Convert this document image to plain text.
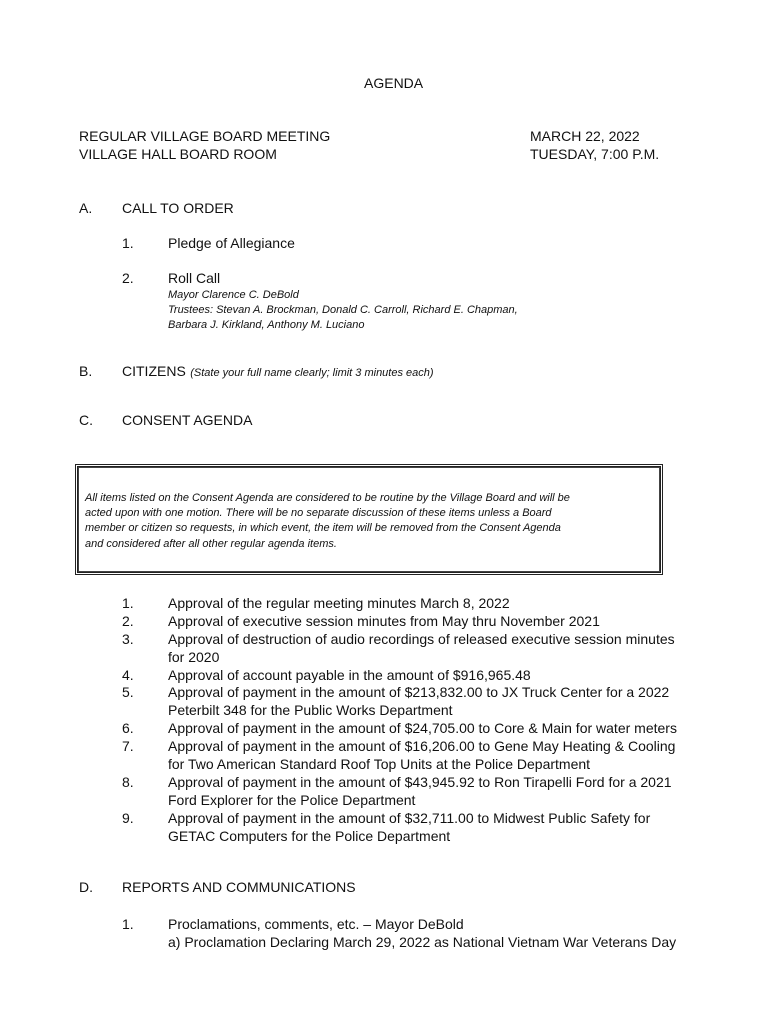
AGENDA
REGULAR VILLAGE BOARD MEETING
VILLAGE HALL BOARD ROOM
MARCH 22, 2022
TUESDAY, 7:00 P.M.
A. CALL TO ORDER
1. Pledge of Allegiance
2. Roll Call
Mayor Clarence C. DeBold
Trustees: Stevan A. Brockman, Donald C. Carroll, Richard E. Chapman,
Barbara J. Kirkland, Anthony M. Luciano
B. CITIZENS (State your full name clearly; limit 3 minutes each)
C. CONSENT AGENDA
All items listed on the Consent Agenda are considered to be routine by the Village Board and will be
acted upon with one motion. There will be no separate discussion of these items unless a Board
member or citizen so requests, in which event, the item will be removed from the Consent Agenda
and considered after all other regular agenda items.
1. Approval of the regular meeting minutes March 8, 2022
2. Approval of executive session minutes from May thru November 2021
3. Approval of destruction of audio recordings of released executive session minutes
for 2020
4. Approval of account payable in the amount of $916,965.48
5. Approval of payment in the amount of $213,832.00 to JX Truck Center for a 2022
Peterbilt 348 for the Public Works Department
6. Approval of payment in the amount of $24,705.00 to Core & Main for water meters
7. Approval of payment in the amount of $16,206.00 to Gene May Heating & Cooling
for Two American Standard Roof Top Units at the Police Department
8. Approval of payment in the amount of $43,945.92 to Ron Tirapelli Ford for a 2021
Ford Explorer for the Police Department
9. Approval of payment in the amount of $32,711.00 to Midwest Public Safety for
GETAC Computers for the Police Department
D. REPORTS AND COMMUNICATIONS
1. Proclamations, comments, etc. – Mayor DeBold
a) Proclamation Declaring March 29, 2022 as National Vietnam War Veterans Day
